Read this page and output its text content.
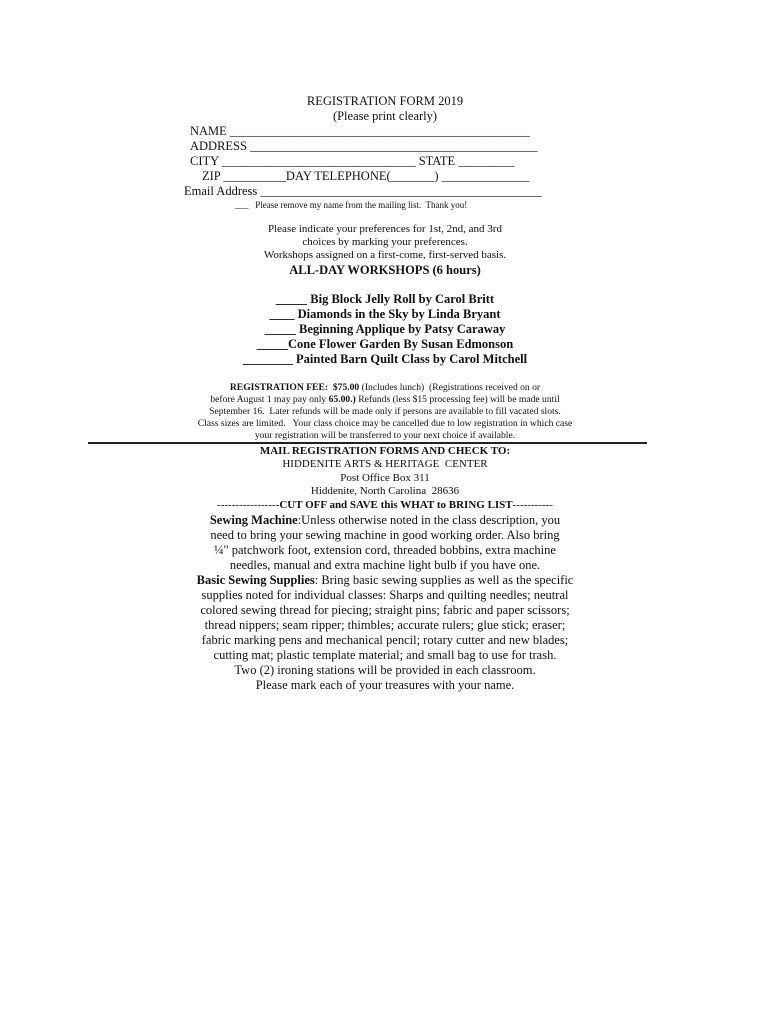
REGISTRATION FORM 2019
(Please print clearly)
NAME ________________________________________________
ADDRESS ______________________________________________
CITY _______________________________ STATE _________
ZIP __________DAY TELEPHONE(_______) ______________
Email Address _____________________________________________
___ Please remove my name from the mailing list.  Thank you!
Please indicate your preferences for 1st, 2nd, and 3rd
choices by marking your preferences.
Workshops assigned on a first-come, first-served basis.
ALL-DAY WORKSHOPS (6 hours)
_____ Big Block Jelly Roll by Carol Britt
____ Diamonds in the Sky by Linda Bryant
_____ Beginning Applique by Patsy Caraway
_____Cone Flower Garden By Susan Edmonson
________ Painted Barn Quilt Class by Carol Mitchell
REGISTRATION FEE:  $75.00 (Includes lunch)  (Registrations received on or
before August 1 may pay only 65.00.) Refunds (less $15 processing fee) will be made until
September 16.  Later refunds will be made only if persons are available to fill vacated slots.
Class sizes are limited.   Your class choice may be cancelled due to low registration in which case
your registration will be transferred to your next choice if available.
MAIL REGISTRATION FORMS AND CHECK TO:
HIDDENITE ARTS & HERITAGE  CENTER
Post Office Box 311
Hiddenite, North Carolina  28636
-----------------CUT OFF and SAVE this WHAT to BRING LIST-----------
Sewing Machine:Unless otherwise noted in the class description, you
need to bring your sewing machine in good working order. Also bring
¼" patchwork foot, extension cord, threaded bobbins, extra machine
needles, manual and extra machine light bulb if you have one.
Basic Sewing Supplies: Bring basic sewing supplies as well as the specific
supplies noted for individual classes: Sharps and quilting needles; neutral
colored sewing thread for piecing; straight pins; fabric and paper scissors;
thread nippers; seam ripper; thimbles; accurate rulers; glue stick; eraser;
fabric marking pens and mechanical pencil; rotary cutter and new blades;
cutting mat; plastic template material; and small bag to use for trash.
Two (2) ironing stations will be provided in each classroom.
Please mark each of your treasures with your name.
